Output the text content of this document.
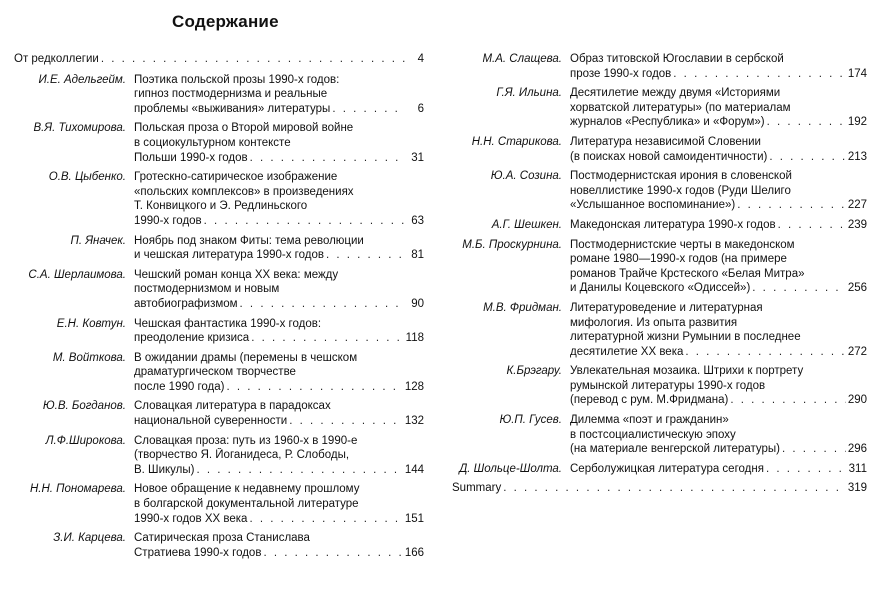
Содержание
От редколлегии . . .	4
И.Е. Адельгейм. Поэтика польской прозы 1990-х годов:
гипноз постмодернизма и реальные
проблемы «выживания» литературы . . .	6
В.Я. Тихомирова. Польская проза о Второй мировой войне
в социокультурном контексте
Польши 1990-х годов . . .	31
О.В. Цыбенко. Гротескно-сатирическое изображение
«польских комплексов» в произведениях
Т. Конвицкого и Э. Редлиньского
1990-х годов . . .	63
П. Яначек. Ноябрь под знаком Фиты: тема революции
и чешская литература 1990-х годов . . .	81
С.А. Шерлаимова. Чешский роман конца XX века: между
постмодернизмом и новым
автобиографизмом . . .	90
Е.Н. Ковтун. Чешская фантастика 1990-х годов:
преодоление кризиса . . .	118
М. Войткова. В ожидании драмы (перемены в чешском
драматургическом творчестве
после 1990 года) . . .	128
Ю.В. Богданов. Словацкая литература в парадоксах
национальной суверенности . . .	132
Л.Ф.Широкова. Словацкая проза: путь из 1960-х в 1990-е
(творчество Я. Йоганидеса, Р. Слободы,
В. Шикулы) . . .	144
Н.Н. Пономарева. Новое обращение к недавнему прошлому
в болгарской документальной литературе
1990-х годов XX века . . .	151
З.И. Карцева. Сатирическая проза Станислава
Стратиева 1990-х годов . . .	166
М.А. Слащева. Образ титовской Югославии в сербской
прозе 1990-х годов . . .	174
Г.Я. Ильина. Десятилетие между двумя «Историями
хорватской литературы» (по материалам
журналов «Республика» и «Форум») . . .	192
Н.Н. Старикова. Литература независимой Словении
(в поисках новой самоидентичности) . . .	213
Ю.А. Созина. Постмодернистская ирония в словенской
новеллистике 1990-х годов (Руди Шелиго
«Услышанное воспоминание») . . .	227
А.Г. Шешкен. Македонская литература 1990-х годов . . .	239
М.Б. Проскурнина. Постмодернистские черты в македонском
романе 1980—1990-х годов (на примере
романов Трайче Крстеского «Белая Митра»
и Данилы Коцевского «Одиссей») . . .	256
М.В. Фридман. Литературоведение и литературная
мифология. Из опыта развития
литературной жизни Румынии в последнее
десятилетие XX века . . .	272
К.Брэгару. Увлекательная мозаика. Штрихи к портрету
румынской литературы 1990-х годов
(перевод с рум. М.Фридмана) . . .	290
Ю.П. Гусев. Дилемма «поэт и гражданин»
в постсоциалистическую эпоху
(на материале венгерской литературы) . . .	296
Д. Шольце-Шолта. Серболужицкая литература сегодня . . .	311
Summary . . .	319
